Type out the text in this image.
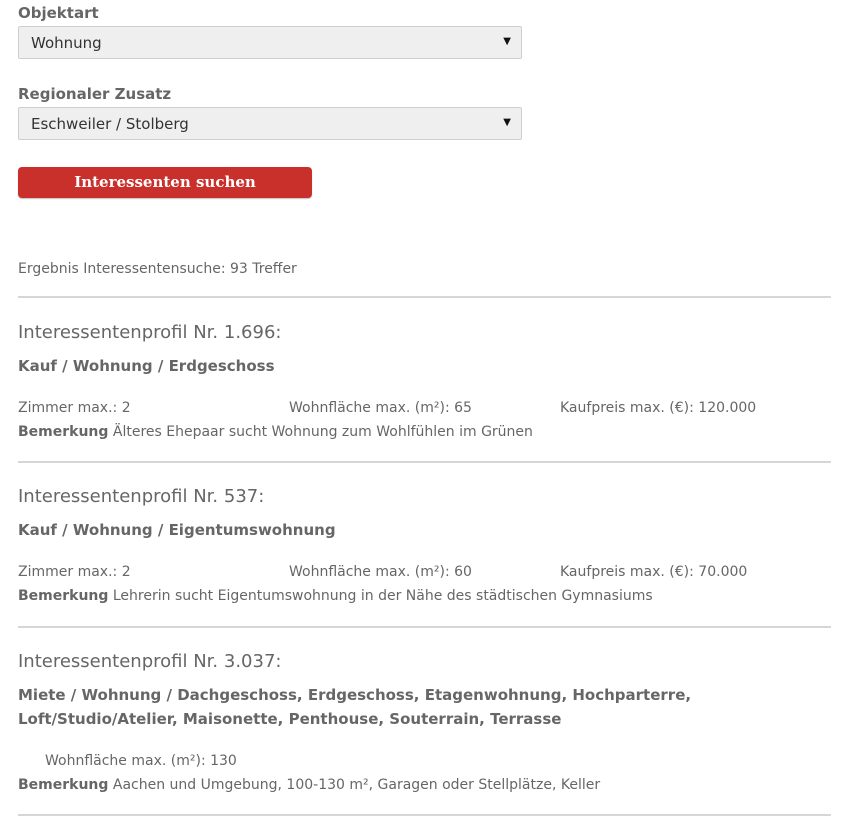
Objektart
Wohnung	▼
Regionaler Zusatz
Eschweiler / Stolberg	▼
Interessenten suchen
Ergebnis Interessentensuche: 93 Treffer
Interessentenprofil Nr. 1.696:
Kauf / Wohnung / Erdgeschoss
Zimmer max.: 2	Wohnfläche max. (m²): 65	Kaufpreis max. (€): 120.000
Bemerkung Älteres Ehepaar sucht Wohnung zum Wohlfühlen im Grünen
Interessentenprofil Nr. 537:
Kauf / Wohnung / Eigentumswohnung
Zimmer max.: 2	Wohnfläche max. (m²): 60	Kaufpreis max. (€): 70.000
Bemerkung Lehrerin sucht Eigentumswohnung in der Nähe des städtischen Gymnasiums
Interessentenprofil Nr. 3.037:
Miete / Wohnung / Dachgeschoss, Erdgeschoss, Etagenwohnung, Hochparterre,
Loft/Studio/Atelier, Maisonette, Penthouse, Souterrain, Terrasse
Wohnfläche max. (m²): 130
Bemerkung Aachen und Umgebung, 100-130 m², Garagen oder Stellplätze, Keller
